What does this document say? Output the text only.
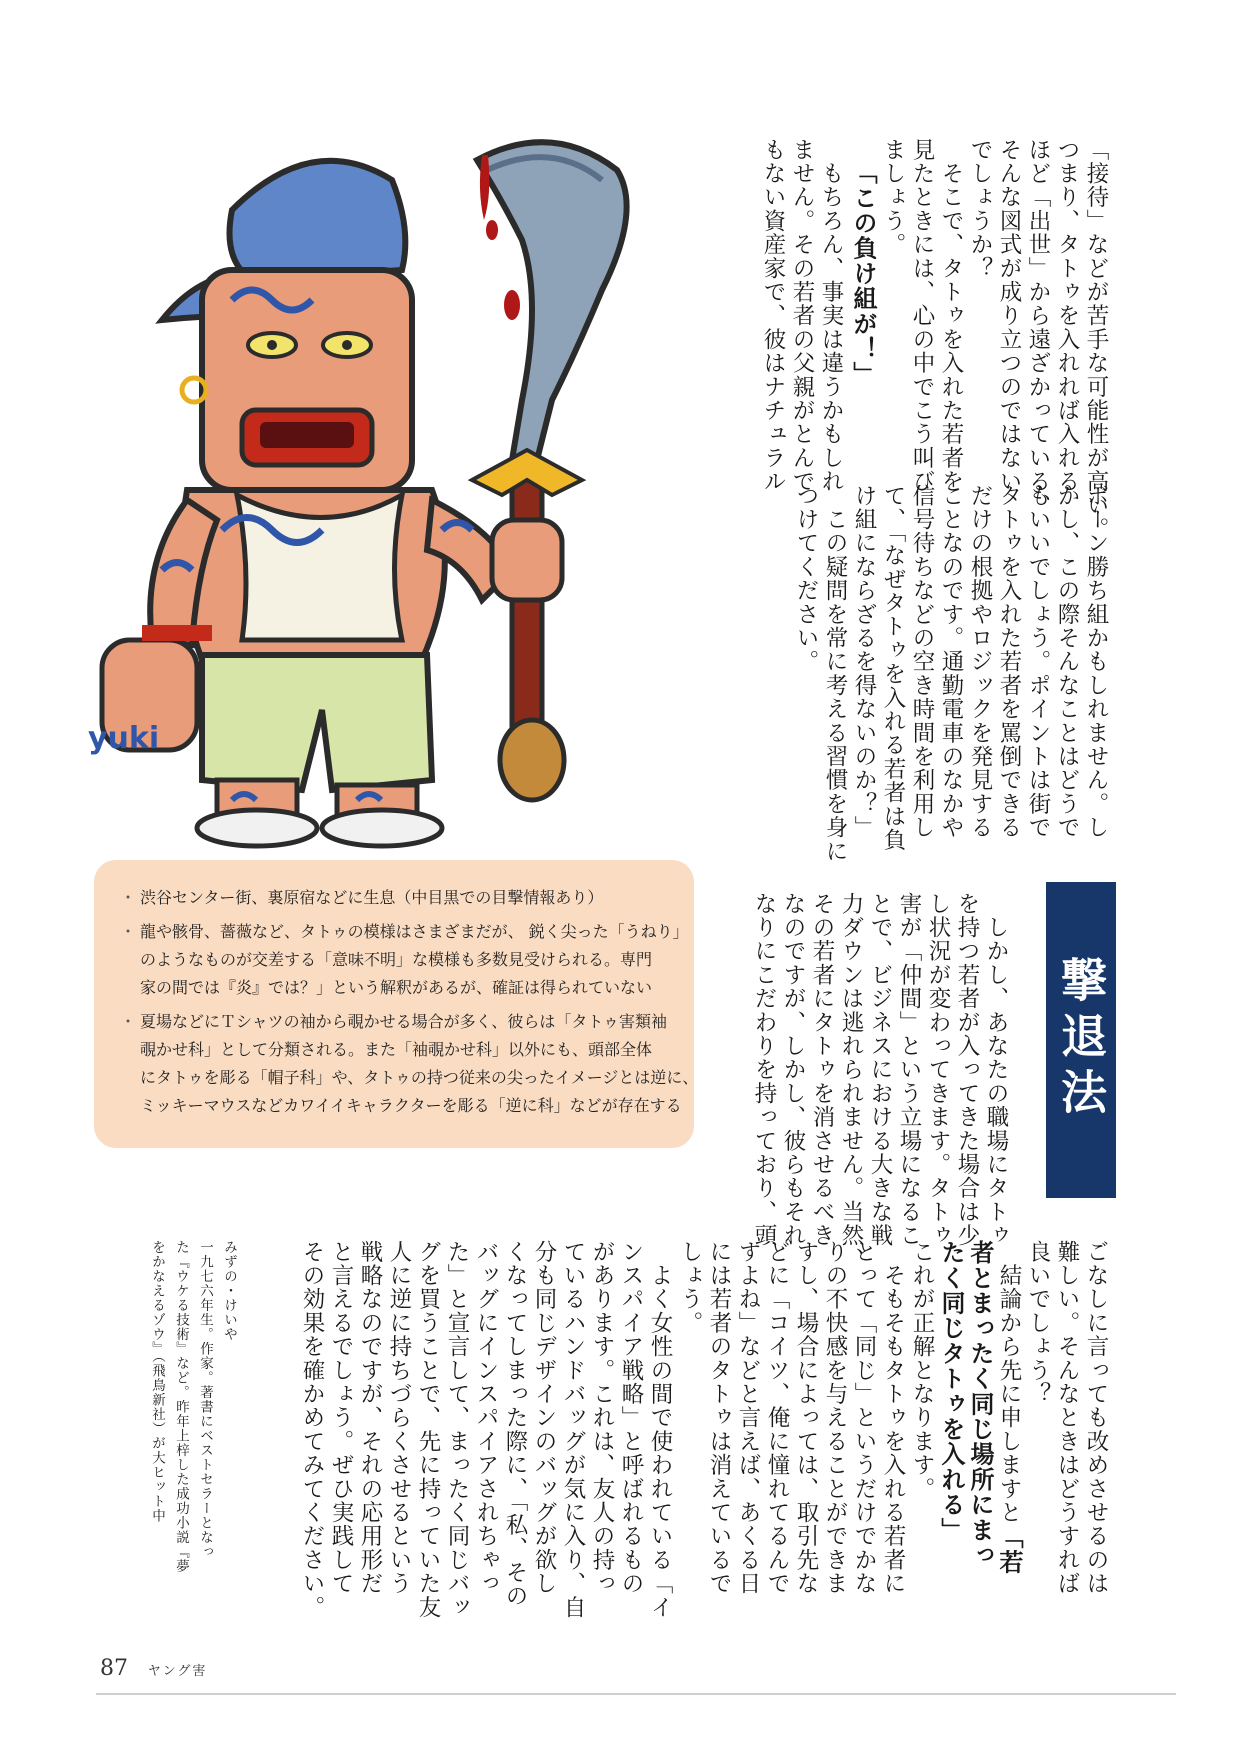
yuki
「接待」などが苦手な可能性が高い。
つまり、タトゥを入れれば入れる
ほど「出世」から遠ざかっている、
そんな図式が成り立つのではない
でしょうか？
　そこで、タトゥを入れた若者を
見たときには、心の中でこう叫び
ましょう。
「この負け組が！」
　もちろん、事実は違うかもしれ
ません。その若者の父親がとんで
もない資産家で、彼はナチュラル
ボーン勝ち組かもしれません。し
かし、この際そんなことはどうで
もいいでしょう。ポイントは街で
タトゥを入れた若者を罵倒できる
だけの根拠やロジックを発見する
ことなのです。通勤電車のなかや
信号待ちなどの空き時間を利用し
て、「なぜタトゥを入れる若者は負
け組にならざるを得ないのか？」
　この疑問を常に考える習慣を身に
つけてください。
撃退法
　しかし、あなたの職場にタトゥ
を持つ若者が入ってきた場合は少
し状況が変わってきます。タトゥ
害が「仲間」という立場になるこ
とで、ビジネスにおける大きな戦
力ダウンは逃れられません。当然、
その若者にタトゥを消させるべき
なのですが、しかし、彼らもそれ
なりにこだわりを持っており、頭
・ 渋谷センター街、裏原宿などに生息（中目黒での目撃情報あり）
・ 龍や骸骨、薔薇など、タトゥの模様はさまざまだが、 鋭く尖った「うねり」
のようなものが交差する「意味不明」な模様も多数見受けられる。専門
家の間では『炎』では？」という解釈があるが、確証は得られていない
・ 夏場などにＴシャツの袖から覗かせる場合が多く、彼らは「タトゥ害類袖
覗かせ科」として分類される。また「袖覗かせ科」以外にも、頭部全体
にタトゥを彫る「帽子科」や、タトゥの持つ従来の尖ったイメージとは逆に、
ミッキーマウスなどカワイイキャラクターを彫る「逆に科」などが存在する
ごなしに言っても改めさせるのは
難しい。そんなときはどうすれば
良いでしょう？
　結論から先に申しますと「若
者とまったく同じ場所にまっ
たく同じタトゥを入れる」
これが正解となります。
　そもそもタトゥを入れる若者に
とって「同じ」というだけでかな
りの不快感を与えることができま
すし、場合によっては、取引先な
どに「コイツ、俺に憧れてるんで
すよね」などと言えば、あくる日
には若者のタトゥは消えているで
しょう。
　よく女性の間で使われている「イ
ンスパイア戦略」と呼ばれるもの
があります。これは、友人の持っ
ているハンドバッグが気に入り、自
分も同じデザインのバッグが欲し
くなってしまった際に、「私、その
バッグにインスパイアされちゃっ
た」と宣言して、まったく同じバッ
グを買うことで、先に持っていた友
人に逆に持ちづらくさせるという
戦略なのですが、それの応用形だ
と言えるでしょう。ぜひ実践して
その効果を確かめてみてください。
みずの・けいや
一九七六年生。作家。著書にベストセラーとなっ
た『ウケる技術』など。昨年上梓した成功小説『夢
をかなえるゾウ』（飛鳥新社）が大ヒット中
87 ヤング害
